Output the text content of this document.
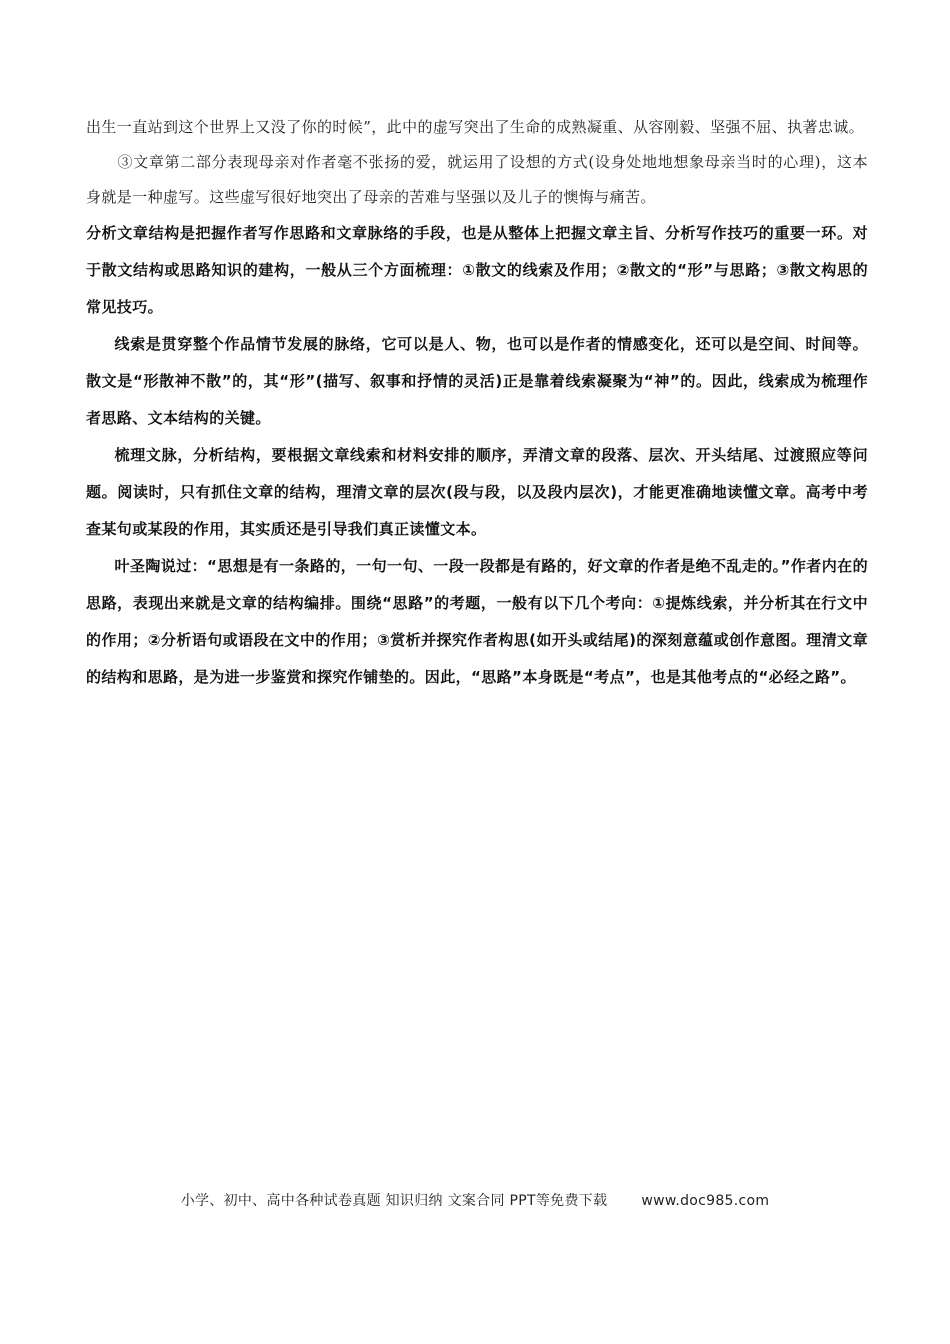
出生一直站到这个世界上又没了你的时候”，此中的虚写突出了生命的成熟凝重、从容刚毅、坚强不屈、执著忠诚。

③文章第二部分表现母亲对作者毫不张扬的爱，就运用了设想的方式(设身处地地想象母亲当时的心理)，这本身就是一种虚写。这些虚写很好地突出了母亲的苦难与坚强以及儿子的懊悔与痛苦。

分析文章结构是把握作者写作思路和文章脉络的手段，也是从整体上把握文章主旨、分析写作技巧的重要一环。对于散文结构或思路知识的建构，一般从三个方面梳理：①散文的线索及作用；②散文的“形”与思路；③散文构思的常见技巧。

线索是贯穿整个作品情节发展的脉络，它可以是人、物，也可以是作者的情感变化，还可以是空间、时间等。散文是“形散神不散”的，其“形”(描写、叙事和抒情的灵活)正是靠着线索凝聚为“神”的。因此，线索成为梳理作者思路、文本结构的关键。

梳理文脉，分析结构，要根据文章线索和材料安排的顺序，弄清文章的段落、层次、开头结尾、过渡照应等问题。阅读时，只有抓住文章的结构，理清文章的层次(段与段，以及段内层次)，才能更准确地读懂文章。高考中考查某句或某段的作用，其实质还是引导我们真正读懂文本。

叶圣陶说过：“思想是有一条路的，一句一句、一段一段都是有路的，好文章的作者是绝不乱走的。”作者内在的思路，表现出来就是文章的结构编排。围绕“思路”的考题，一般有以下几个考向：①提炼线索，并分析其在行文中的作用；②分析语句或语段在文中的作用；③赏析并探究作者构思(如开头或结尾)的深刻意蕴或创作意图。理清文章的结构和思路，是为进一步鉴赏和探究作铺垫的。因此，“思路”本身既是“考点”，也是其他考点的“必经之路”。

小学、初中、高中各种试卷真题 知识归纳 文案合同 PPT等免费下载 www.doc985.com
